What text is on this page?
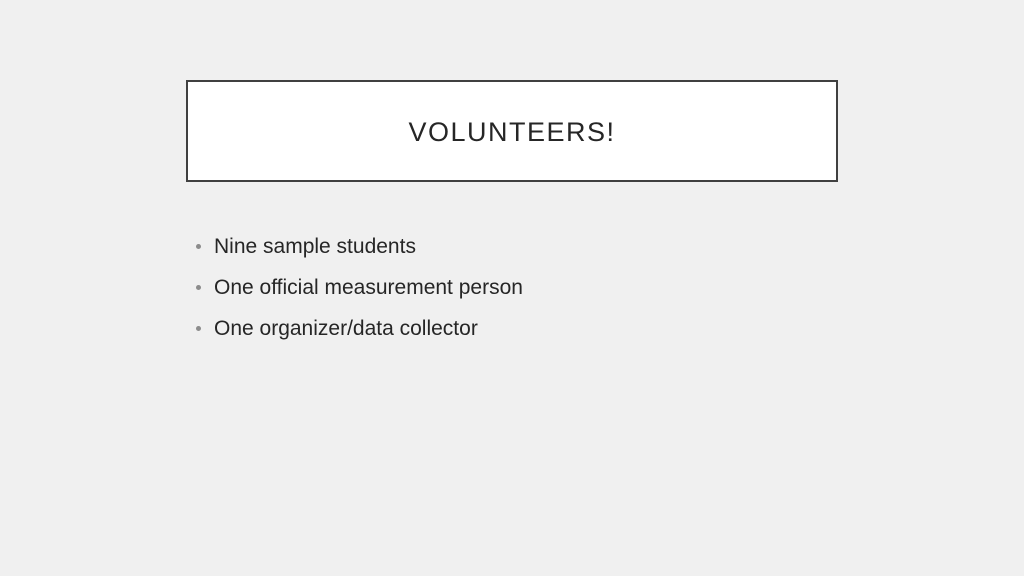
VOLUNTEERS!
Nine sample students
One official measurement person
One organizer/data collector
